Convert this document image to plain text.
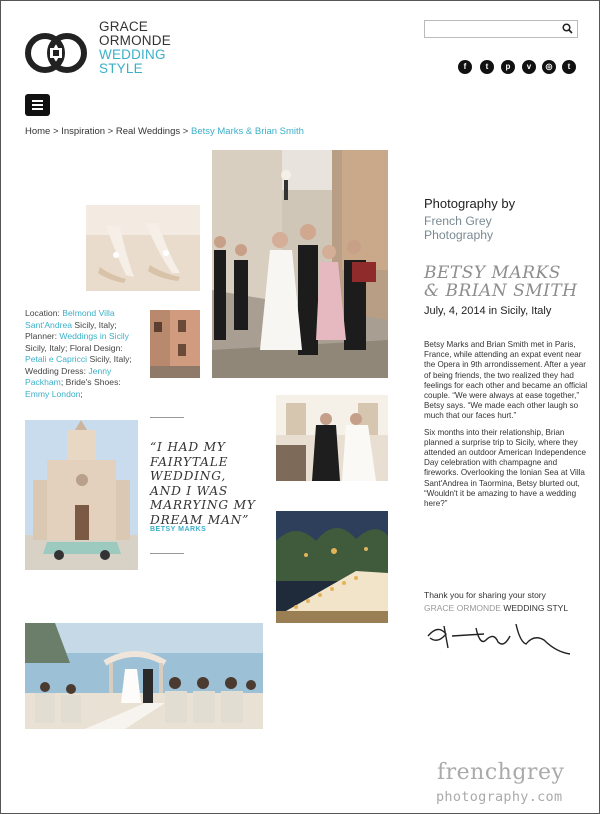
GRACE
ORMONDE
WEDDING
STYLE	f	t	p	v	◎	t
Home > Inspiration > Real Weddings > Betsy Marks & Brian Smith
Location: Belmond Villa Sant'Andrea Sicily, Italy; Planner: Weddings in Sicily Sicily, Italy; Floral Design: Petali e Capricci Sicily, Italy; Wedding Dress: Jenny Packham; Bride's Shoes: Emmy London;
“I HAD MY FAIRYTALE WEDDING, AND I WAS MARRYING MY DREAM MAN”
BETSY MARKS
Photography by
French Grey
Photography
BETSY MARKS
& BRIAN SMITH
July, 4, 2014 in Sicily, Italy

Betsy Marks and Brian Smith met in Paris, France, while attending an expat event near the Opera in 9th arrondissement. After a year of being friends, the two realized they had feelings for each other and became an official couple. “We were always at ease together,” Betsy says. “We made each other laugh so much that our faces hurt.”

Six months into their relationship, Brian planned a surprise trip to Sicily, where they attended an outdoor American Independence Day celebration with champagne and fireworks. Overlooking the Ionian Sea at Villa Sant'Andrea in Taormina, Betsy blurted out, “Wouldn't it be amazing to have a wedding here?”

Thank you for sharing your story
GRACE ORMONDE WEDDING STYL
frenchgrey
photography.com
